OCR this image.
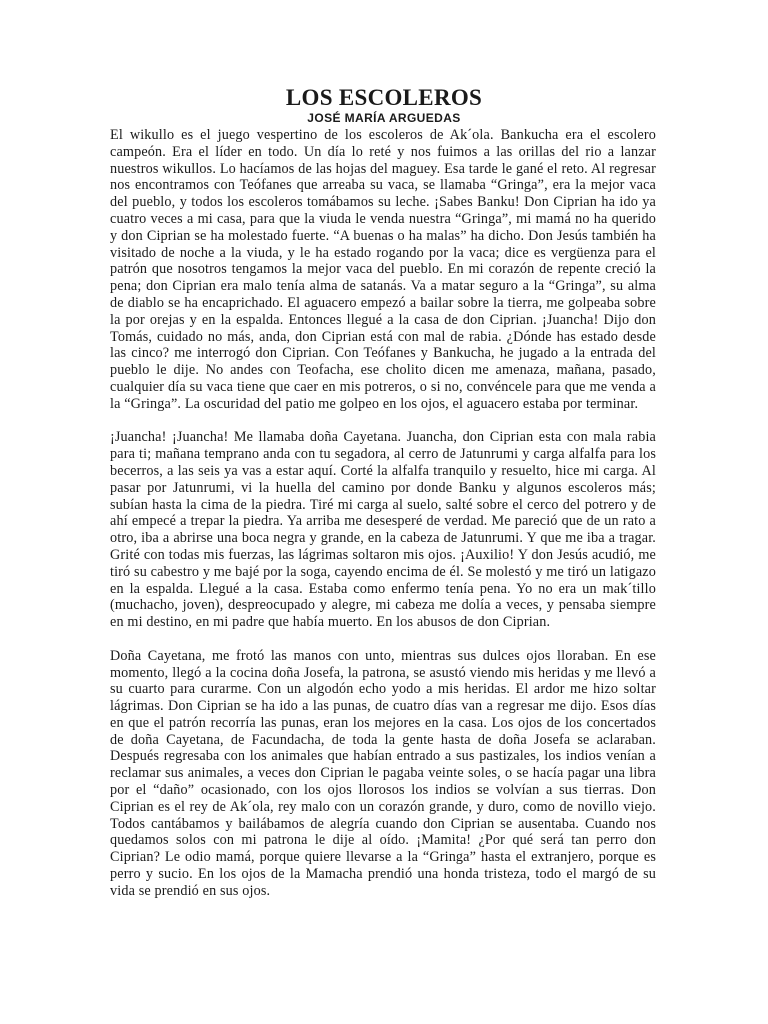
LOS ESCOLEROS
JOSÉ MARÍA ARGUEDAS

El wikullo es el juego vespertino de los escoleros de Ak´ola. Bankucha era el escolero campeón. Era el líder en todo. Un día lo reté y nos fuimos a las orillas del rio a lanzar nuestros wikullos. Lo hacíamos de las hojas del maguey. Esa tarde le gané el reto. Al regresar nos encontramos con Teófanes que arreaba su vaca, se llamaba “Gringa”, era la mejor vaca del pueblo, y todos los escoleros tomábamos su leche. ¡Sabes Banku! Don Ciprian ha ido ya cuatro veces a mi casa, para que la viuda le venda nuestra “Gringa”, mi mamá no ha querido y don Ciprian se ha molestado fuerte. “A buenas o ha malas” ha dicho. Don Jesús también ha visitado de noche a la viuda, y le ha estado rogando por la vaca; dice es vergüenza para el patrón que nosotros tengamos la mejor vaca del pueblo. En mi corazón de repente creció la pena; don Ciprian era malo tenía alma de satanás. Va a matar seguro a la “Gringa”, su alma de diablo se ha encaprichado. El aguacero empezó a bailar sobre la tierra, me golpeaba sobre la por orejas y en la espalda. Entonces llegué a la casa de don Ciprian. ¡Juancha! Dijo don Tomás, cuidado no más, anda, don Ciprian está con mal de rabia. ¿Dónde has estado desde las cinco? me interrogó don Ciprian. Con Teófanes y Bankucha, he jugado a la entrada del pueblo le dije. No andes con Teofacha, ese cholito dicen me amenaza, mañana, pasado, cualquier día su vaca tiene que caer en mis potreros, o si no, convéncele para que me venda a la “Gringa”. La oscuridad del patio me golpeo en los ojos, el aguacero estaba por terminar.

¡Juancha! ¡Juancha! Me llamaba doña Cayetana. Juancha, don Ciprian esta con mala rabia para ti; mañana temprano anda con tu segadora, al cerro de Jatunrumi y carga alfalfa para los becerros, a las seis ya vas a estar aquí. Corté la alfalfa tranquilo y resuelto, hice mi carga. Al pasar por Jatunrumi, vi la huella del camino por donde Banku y algunos escoleros más; subían hasta la cima de la piedra. Tiré mi carga al suelo, salté sobre el cerco del potrero y de ahí empecé a trepar la piedra. Ya arriba me desesperé de verdad. Me pareció que de un rato a otro, iba a abrirse una boca negra y grande, en la cabeza de Jatunrumi. Y que me iba a tragar. Grité con todas mis fuerzas, las lágrimas soltaron mis ojos. ¡Auxilio! Y don Jesús acudió, me tiró su cabestro y me bajé por la soga, cayendo encima de él. Se molestó y me tiró un latigazo en la espalda. Llegué a la casa. Estaba como enfermo tenía pena. Yo no era un mak´tillo (muchacho, joven), despreocupado y alegre, mi cabeza me dolía a veces, y pensaba siempre en mi destino, en mi padre que había muerto. En los abusos de don Ciprian.

Doña Cayetana, me frotó las manos con unto, mientras sus dulces ojos lloraban. En ese momento, llegó a la cocina doña Josefa, la patrona, se asustó viendo mis heridas y me llevó a su cuarto para curarme. Con un algodón echo yodo a mis heridas. El ardor me hizo soltar lágrimas. Don Ciprian se ha ido a las punas, de cuatro días van a regresar me dijo. Esos días en que el patrón recorría las punas, eran los mejores en la casa. Los ojos de los concertados de doña Cayetana, de Facundacha, de toda la gente hasta de doña Josefa se aclaraban. Después regresaba con los animales que habían entrado a sus pastizales, los indios venían a reclamar sus animales, a veces don Ciprian le pagaba veinte soles, o se hacía pagar una libra por el “daño” ocasionado, con los ojos llorosos los indios se volvían a sus tierras. Don Ciprian es el rey de Ak´ola, rey malo con un corazón grande, y duro, como de novillo viejo. Todos cantábamos y bailábamos de alegría cuando don Ciprian se ausentaba. Cuando nos quedamos solos con mi patrona le dije al oído. ¡Mamita! ¿Por qué será tan perro don Ciprian? Le odio mamá, porque quiere llevarse a la “Gringa” hasta el extranjero, porque es perro y sucio. En los ojos de la Mamacha prendió una honda tristeza, todo el margó de su vida se prendió en sus ojos.
